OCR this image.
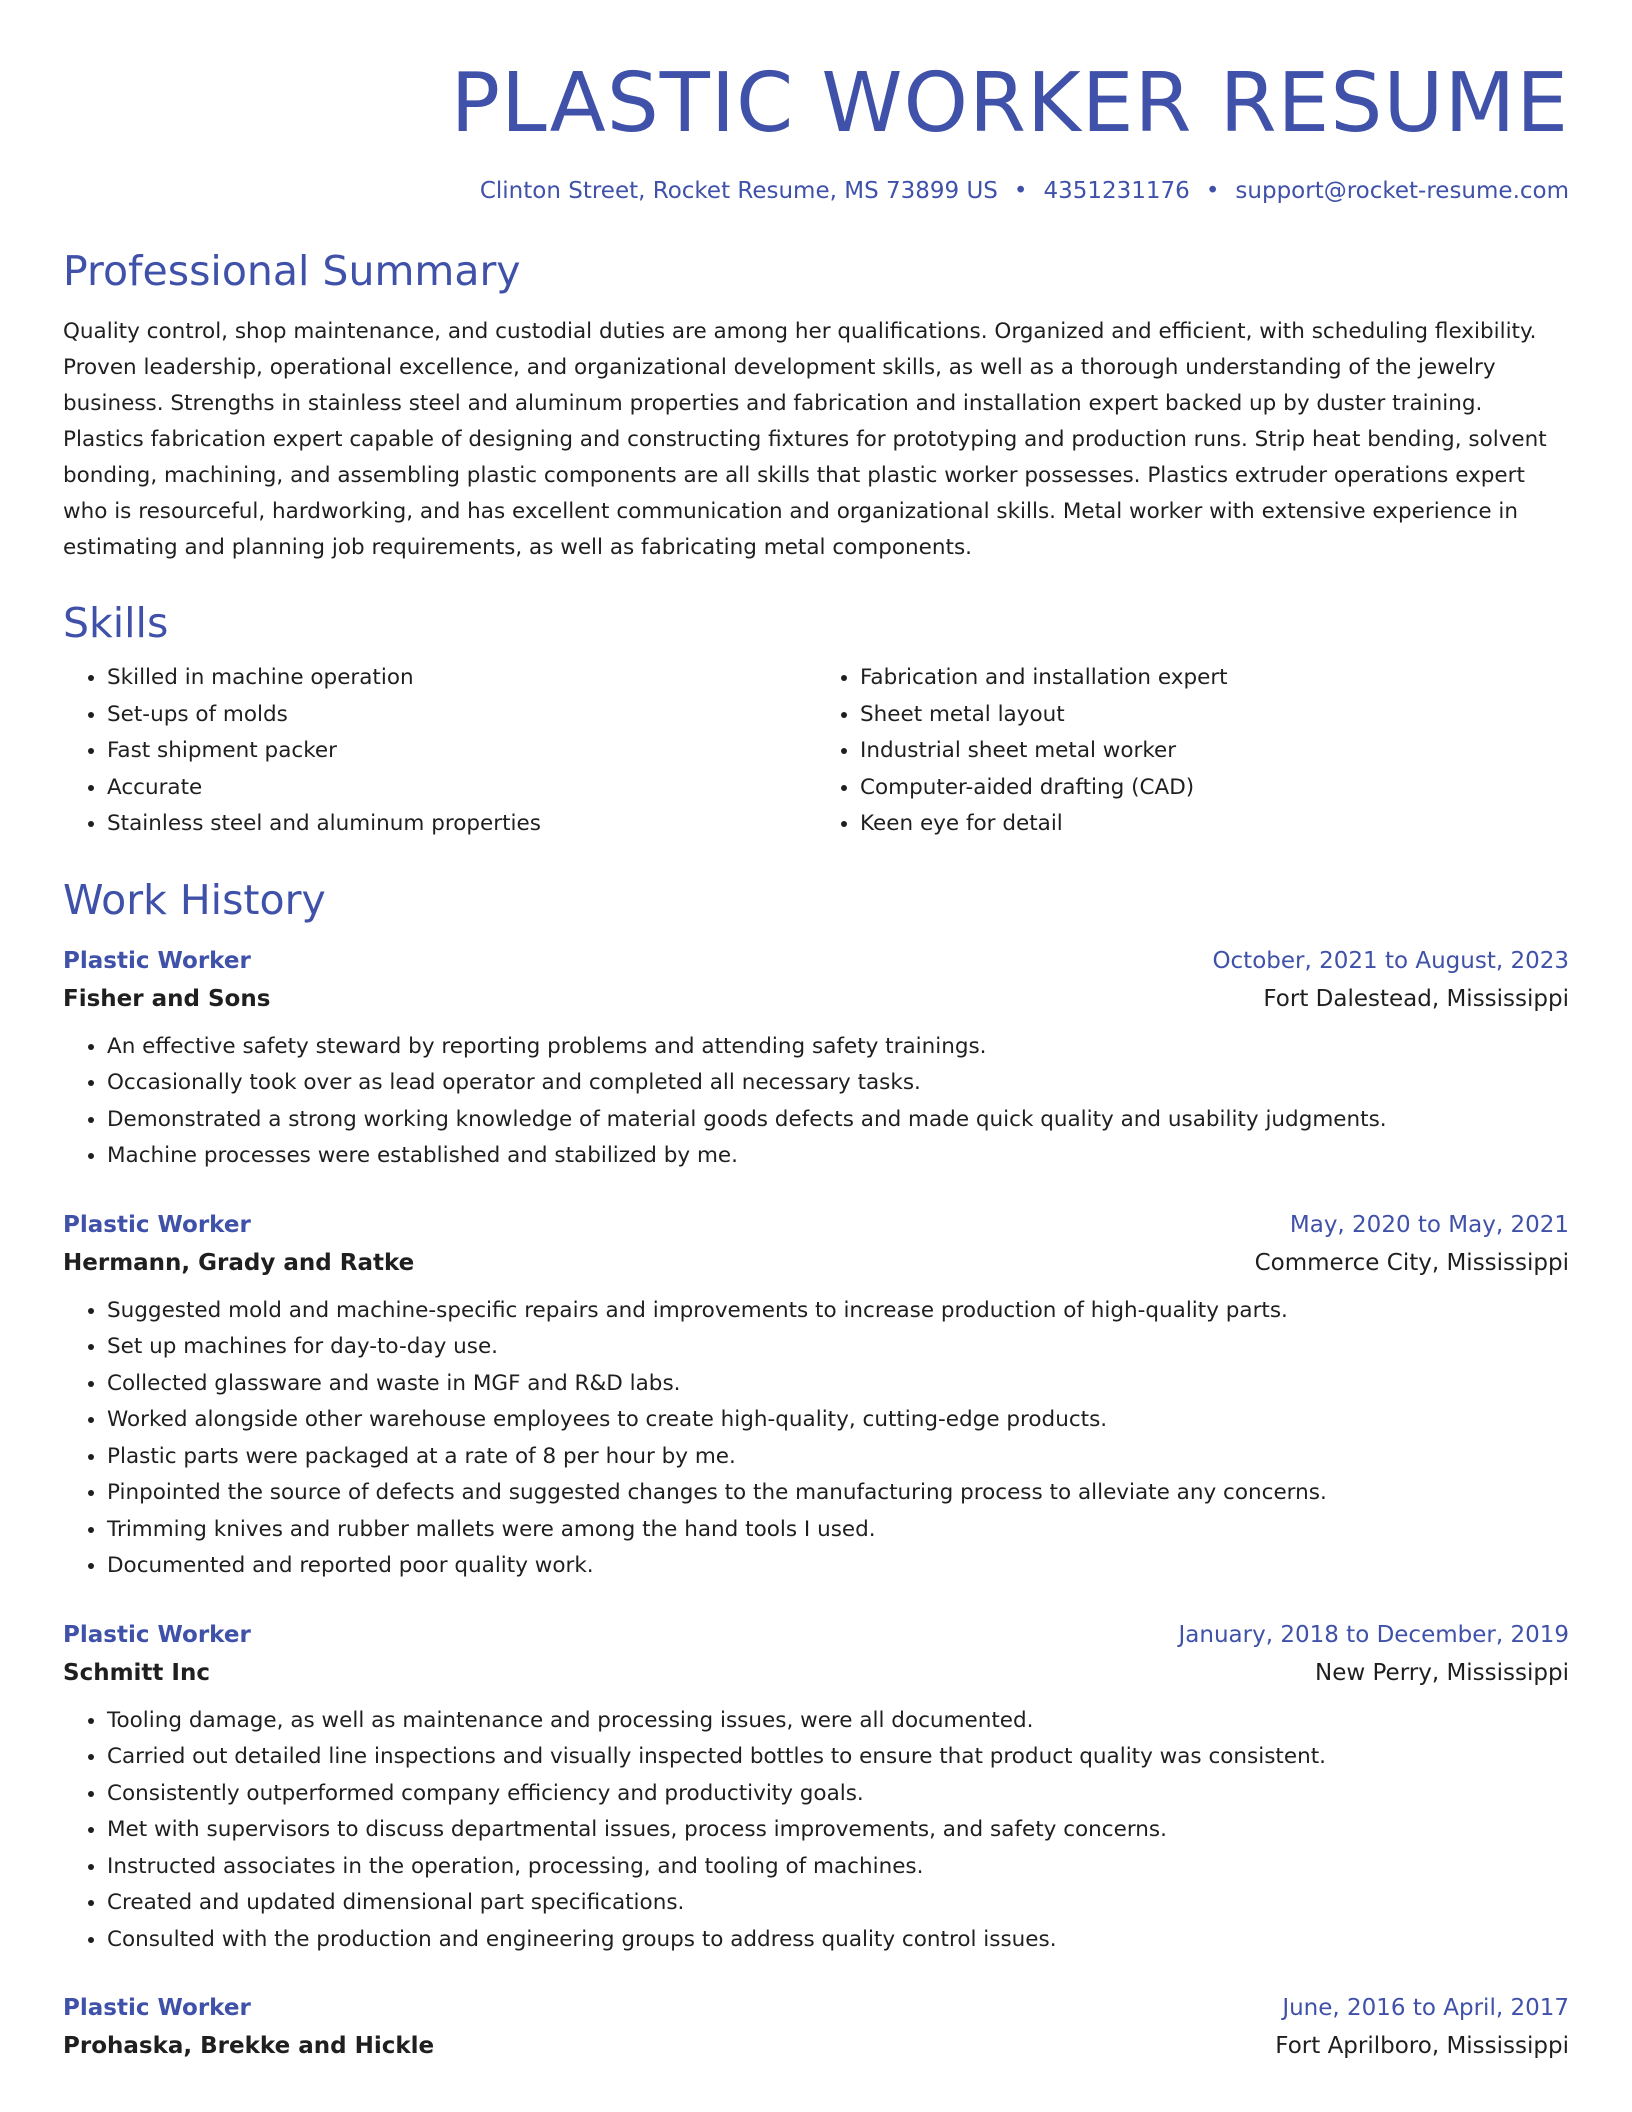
PLASTIC WORKER RESUME
Clinton Street, Rocket Resume, MS 73899 US • 4351231176 • support@rocket-resume.com
Professional Summary

Quality control, shop maintenance, and custodial duties are among her qualifications. Organized and efficient, with scheduling flexibility. Proven leadership, operational excellence, and organizational development skills, as well as a thorough understanding of the jewelry business. Strengths in stainless steel and aluminum properties and fabrication and installation expert backed up by duster training. Plastics fabrication expert capable of designing and constructing fixtures for prototyping and production runs. Strip heat bending, solvent bonding, machining, and assembling plastic components are all skills that plastic worker possesses. Plastics extruder operations expert who is resourceful, hardworking, and has excellent communication and organizational skills. Metal worker with extensive experience in estimating and planning job requirements, as well as fabricating metal components.

Skills
• Skilled in machine operation
• Set-ups of molds
• Fast shipment packer
• Accurate
• Stainless steel and aluminum properties
• Fabrication and installation expert
• Sheet metal layout
• Industrial sheet metal worker
• Computer-aided drafting (CAD)
• Keen eye for detail
Work History
Plastic Worker	October, 2021 to August, 2023
Fisher and Sons	Fort Dalestead, Mississippi
• An effective safety steward by reporting problems and attending safety trainings.
• Occasionally took over as lead operator and completed all necessary tasks.
• Demonstrated a strong working knowledge of material goods defects and made quick quality and usability judgments.
• Machine processes were established and stabilized by me.
Plastic Worker	May, 2020 to May, 2021
Hermann, Grady and Ratke	Commerce City, Mississippi
• Suggested mold and machine-specific repairs and improvements to increase production of high-quality parts.
• Set up machines for day-to-day use.
• Collected glassware and waste in MGF and R&D labs.
• Worked alongside other warehouse employees to create high-quality, cutting-edge products.
• Plastic parts were packaged at a rate of 8 per hour by me.
• Pinpointed the source of defects and suggested changes to the manufacturing process to alleviate any concerns.
• Trimming knives and rubber mallets were among the hand tools I used.
• Documented and reported poor quality work.
Plastic Worker	January, 2018 to December, 2019
Schmitt Inc	New Perry, Mississippi
• Tooling damage, as well as maintenance and processing issues, were all documented.
• Carried out detailed line inspections and visually inspected bottles to ensure that product quality was consistent.
• Consistently outperformed company efficiency and productivity goals.
• Met with supervisors to discuss departmental issues, process improvements, and safety concerns.
• Instructed associates in the operation, processing, and tooling of machines.
• Created and updated dimensional part specifications.
• Consulted with the production and engineering groups to address quality control issues.
Plastic Worker	June, 2016 to April, 2017
Prohaska, Brekke and Hickle	Fort Aprilboro, Mississippi
